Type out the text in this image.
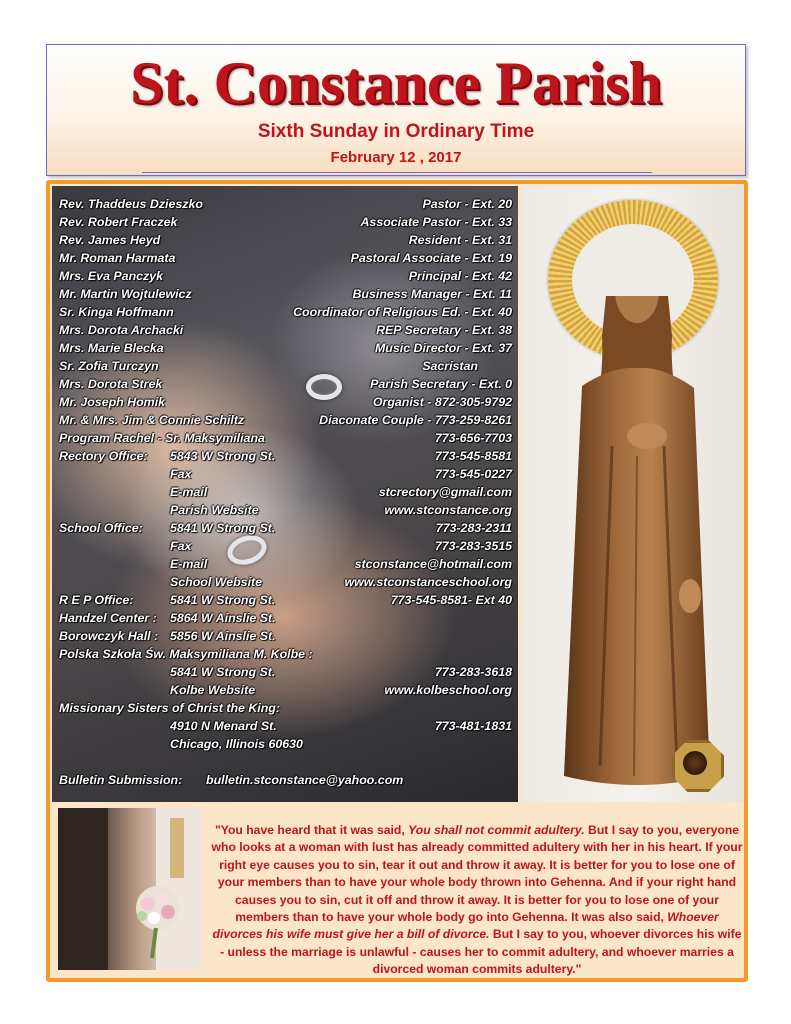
St. Constance Parish
Sixth Sunday in Ordinary Time
February 12 , 2017
Rev. Thaddeus Dzieszko	Pastor - Ext. 20
Rev. Robert Fraczek	Associate Pastor - Ext. 33
Rev. James Heyd	Resident - Ext. 31
Mr. Roman Harmata	Pastoral Associate - Ext. 19
Mrs. Eva Panczyk	Principal - Ext. 42
Mr. Martin Wojtulewicz	Business Manager - Ext. 11
Sr. Kinga Hoffmann	Coordinator of Religious Ed. - Ext. 40
Mrs. Dorota Archacki	REP Secretary - Ext. 38
Mrs. Marie Blecka	Music Director - Ext. 37
Sr. Zofia Turczyn	Sacristan
Mrs. Dorota Strek	Parish Secretary - Ext. 0
Mr. Joseph Homik	Organist - 872-305-9792
Mr. & Mrs. Jim & Connie Schiltz	Diaconate Couple - 773-259-8261
Program Rachel - Sr. Maksymiliana	773-656-7703
Rectory Office: 5843 W Strong St.	773-545-8581
Fax	773-545-0227
E-mail	stcrectory@gmail.com
Parish Website	www.stconstance.org
School Office: 5841 W Strong St.	773-283-2311
Fax	773-283-3515
E-mail	stconstance@hotmail.com
School Website	www.stconstanceschool.org
R E P Office:	5841 W Strong St.	773-545-8581- Ext 40
Handzel Center : 5864 W Ainslie St.
Borowczyk Hall : 5856 W Ainslie St.
Polska Szkoła Św. Maksymiliana M. Kolbe :
5841 W Strong St.	773-283-3618
Kolbe Website	www.kolbeschool.org
Missionary Sisters of Christ the King:
4910 N Menard St.	773-481-1831
Chicago, Illinois 60630
Bulletin Submission: bulletin.stconstance@yahoo.com
"You have heard that it was said, You shall not commit adultery. But I say to you, everyone who looks at a woman with lust has already committed adultery with her in his heart. If your right eye causes you to sin, tear it out and throw it away. It is better for you to lose one of your members than to have your whole body thrown into Gehenna. And if your right hand causes you to sin, cut it off and throw it away. It is better for you to lose one of your members than to have your whole body go into Gehenna. It was also said, Whoever divorces his wife must give her a bill of divorce. But I say to you, whoever divorces his wife - unless the marriage is unlawful - causes her to commit adultery, and whoever marries a divorced woman commits adultery."
